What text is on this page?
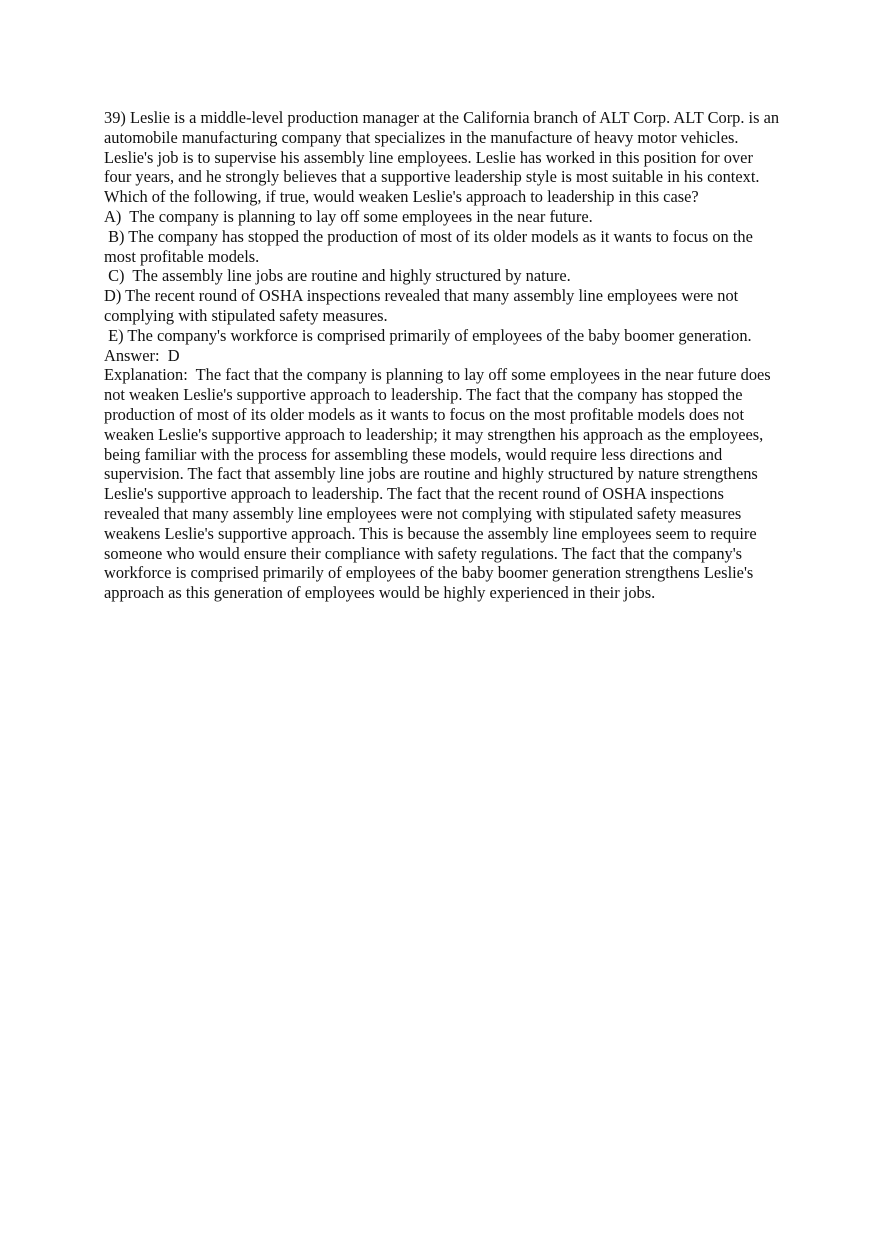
39) Leslie is a middle-level production manager at the California branch of ALT Corp. ALT Corp. is an automobile manufacturing company that specializes in the manufacture of heavy motor vehicles. Leslie's job is to supervise his assembly line employees. Leslie has worked in this position for over four years, and he strongly believes that a supportive leadership style is most suitable in his context. Which of the following, if true, would weaken Leslie's approach to leadership in this case?

A)  The company is planning to lay off some employees in the near future.

B) The company has stopped the production of most of its older models as it wants to focus on the most profitable models.

C)  The assembly line jobs are routine and highly structured by nature.

D) The recent round of OSHA inspections revealed that many assembly line employees were not complying with stipulated safety measures.

E) The company's workforce is comprised primarily of employees of the baby boomer generation.

Answer:  D

Explanation:  The fact that the company is planning to lay off some employees in the near future does not weaken Leslie's supportive approach to leadership. The fact that the company has stopped the production of most of its older models as it wants to focus on the most profitable models does not weaken Leslie's supportive approach to leadership; it may strengthen his approach as the employees, being familiar with the process for assembling these models, would require less directions and supervision. The fact that assembly line jobs are routine and highly structured by nature strengthens Leslie's supportive approach to leadership. The fact that the recent round of OSHA inspections revealed that many assembly line employees were not complying with stipulated safety measures weakens Leslie's supportive approach. This is because the assembly line employees seem to require someone who would ensure their compliance with safety regulations. The fact that the company's workforce is comprised primarily of employees of the baby boomer generation strengthens Leslie's approach as this generation of employees would be highly experienced in their jobs.
